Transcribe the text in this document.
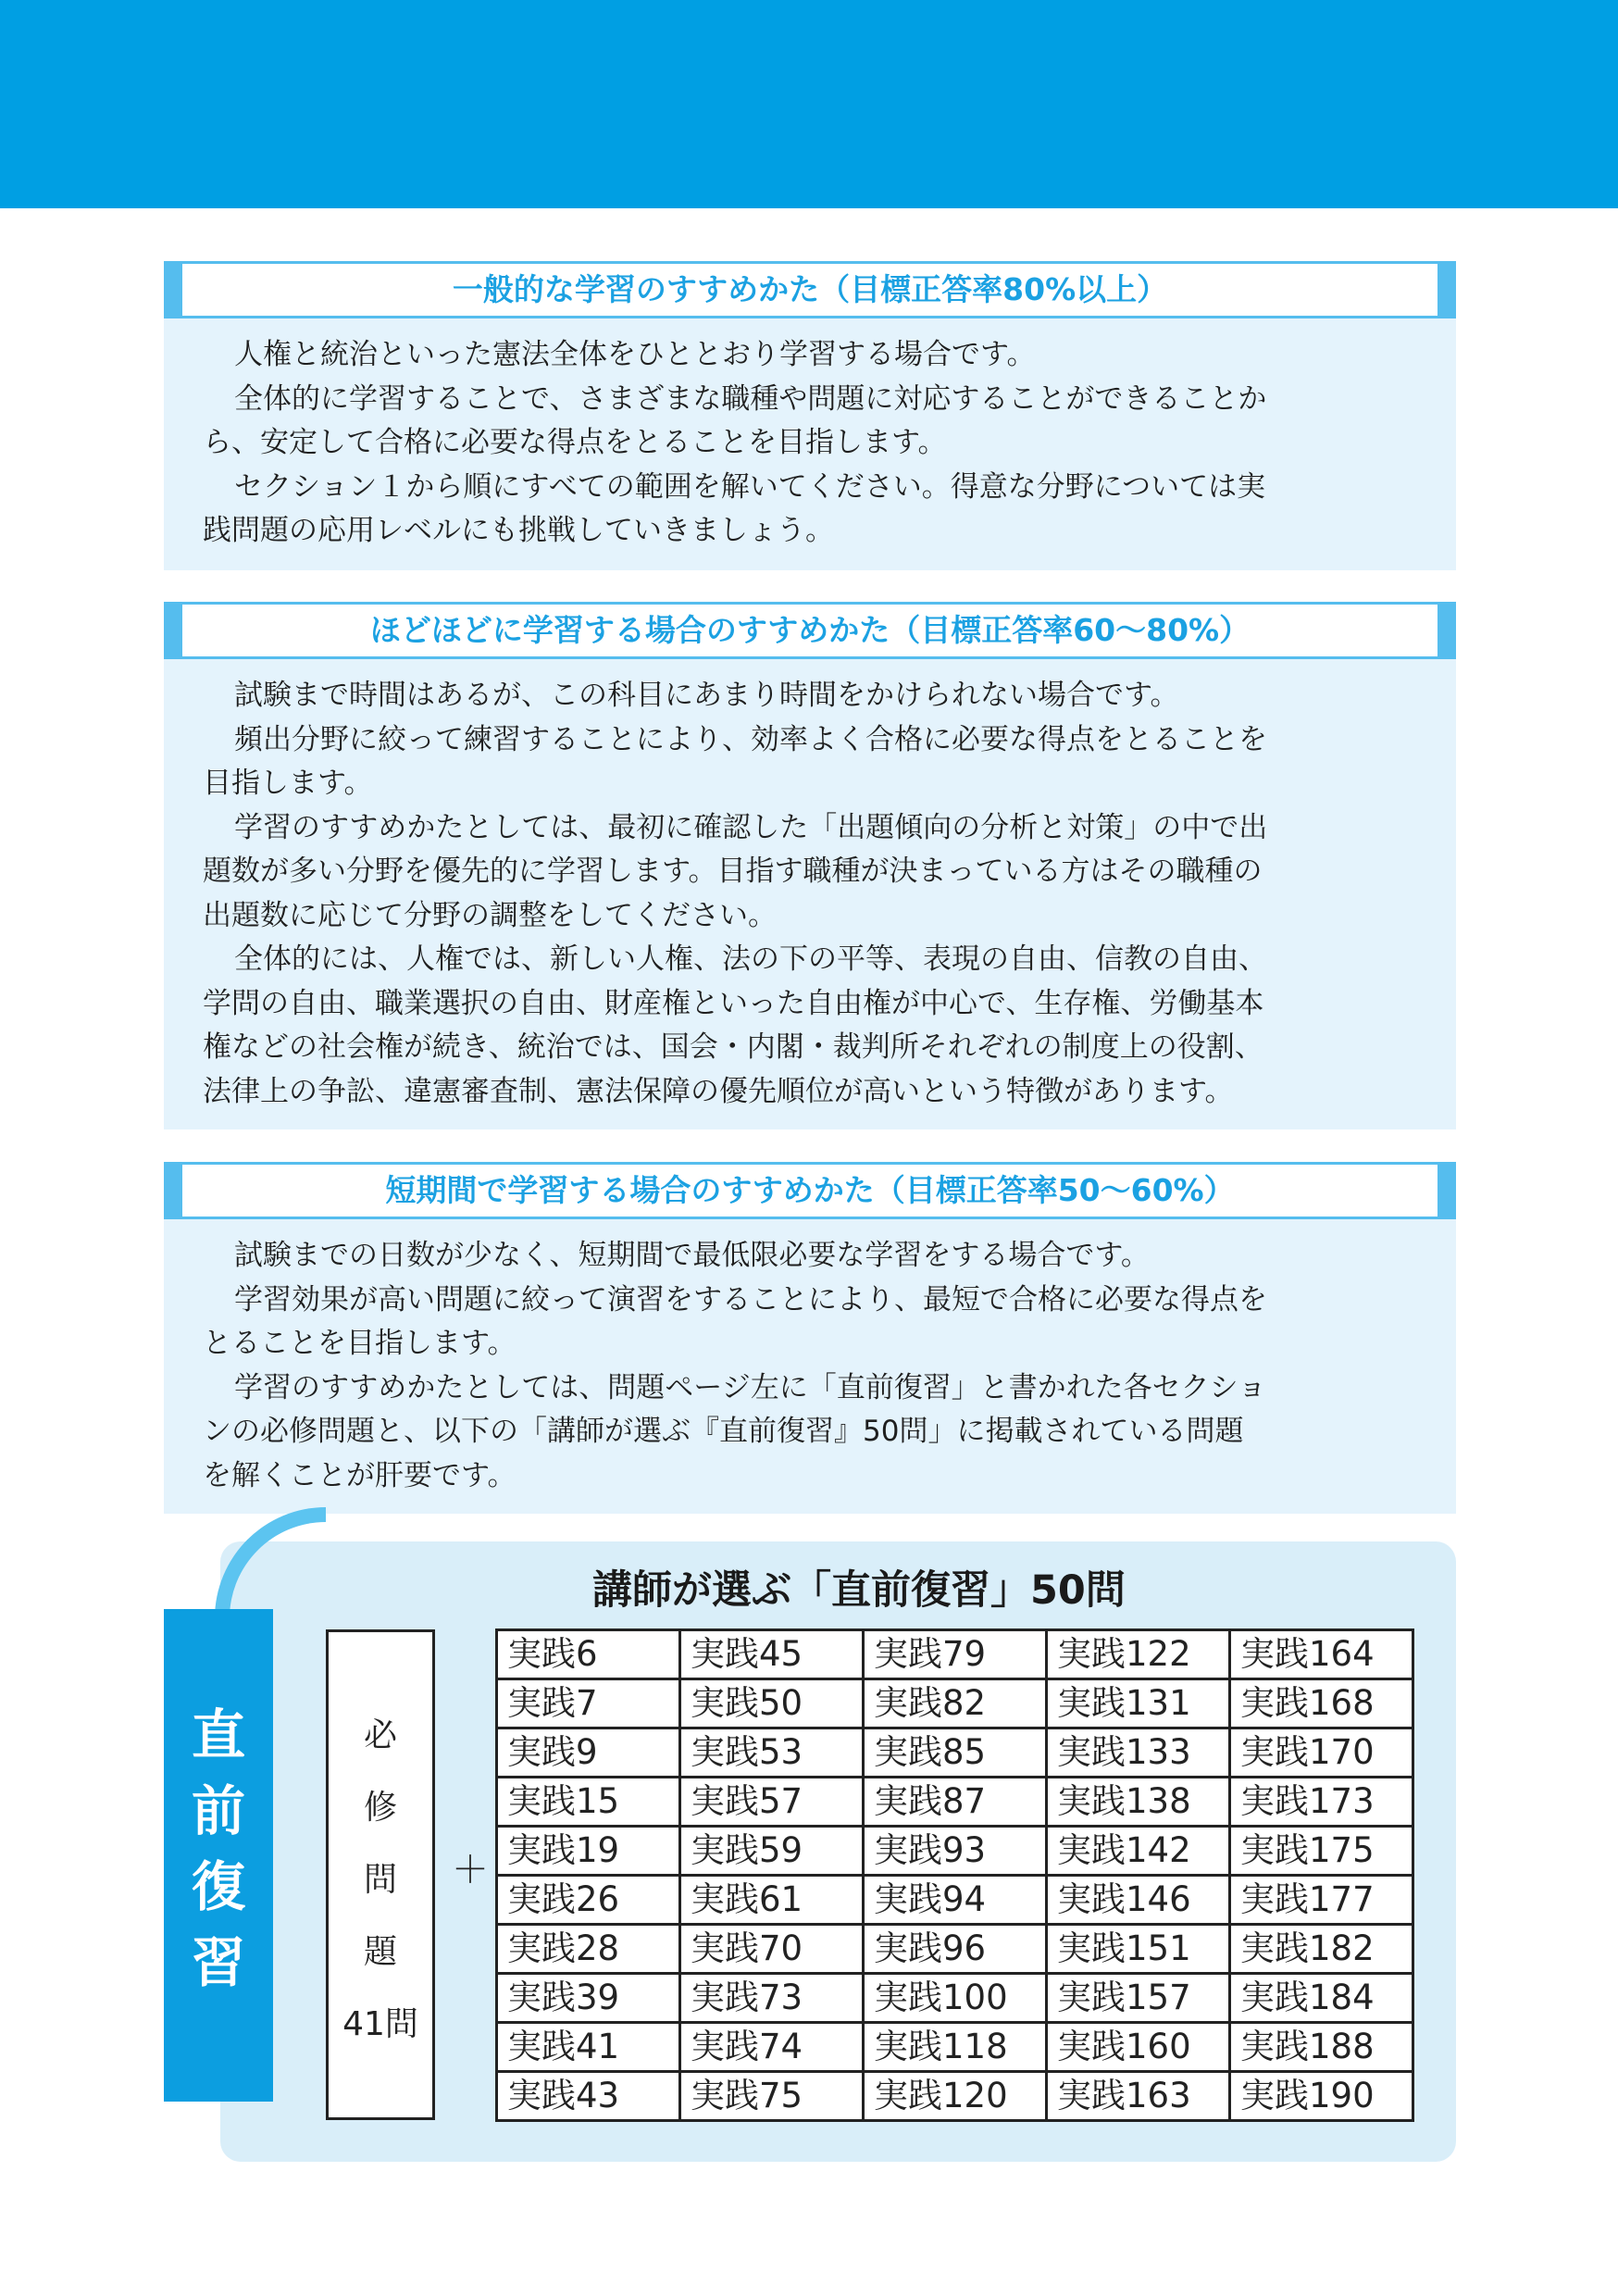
一般的な学習のすすめかた（目標正答率80%以上）
人権と統治といった憲法全体をひととおり学習する場合です。
全体的に学習することで、さまざまな職種や問題に対応することができることか
ら、安定して合格に必要な得点をとることを目指します。
セクション１から順にすべての範囲を解いてください。得意な分野については実
践問題の応用レベルにも挑戦していきましょう。
ほどほどに学習する場合のすすめかた（目標正答率60～80%）
試験まで時間はあるが、この科目にあまり時間をかけられない場合です。
頻出分野に絞って練習することにより、効率よく合格に必要な得点をとることを
目指します。
学習のすすめかたとしては、最初に確認した「出題傾向の分析と対策」の中で出
題数が多い分野を優先的に学習します。目指す職種が決まっている方はその職種の
出題数に応じて分野の調整をしてください。
全体的には、人権では、新しい人権、法の下の平等、表現の自由、信教の自由、
学問の自由、職業選択の自由、財産権といった自由権が中心で、生存権、労働基本
権などの社会権が続き、統治では、国会・内閣・裁判所それぞれの制度上の役割、
法律上の争訟、違憲審査制、憲法保障の優先順位が高いという特徴があります。
短期間で学習する場合のすすめかた（目標正答率50～60%）
試験までの日数が少なく、短期間で最低限必要な学習をする場合です。
学習効果が高い問題に絞って演習をすることにより、最短で合格に必要な得点を
とることを目指します。
学習のすすめかたとしては、問題ページ左に「直前復習」と書かれた各セクショ
ンの必修問題と、以下の「講師が選ぶ『直前復習』50問」に掲載されている問題
を解くことが肝要です。
直
前
復
習
講師が選ぶ「直前復習」50問
必
修
問
題
41問
＋
実践6	実践45	実践79	実践122	実践164
実践7	実践50	実践82	実践131	実践168
実践9	実践53	実践85	実践133	実践170
実践15	実践57	実践87	実践138	実践173
実践19	実践59	実践93	実践142	実践175
実践26	実践61	実践94	実践146	実践177
実践28	実践70	実践96	実践151	実践182
実践39	実践73	実践100	実践157	実践184
実践41	実践74	実践118	実践160	実践188
実践43	実践75	実践120	実践163	実践190
